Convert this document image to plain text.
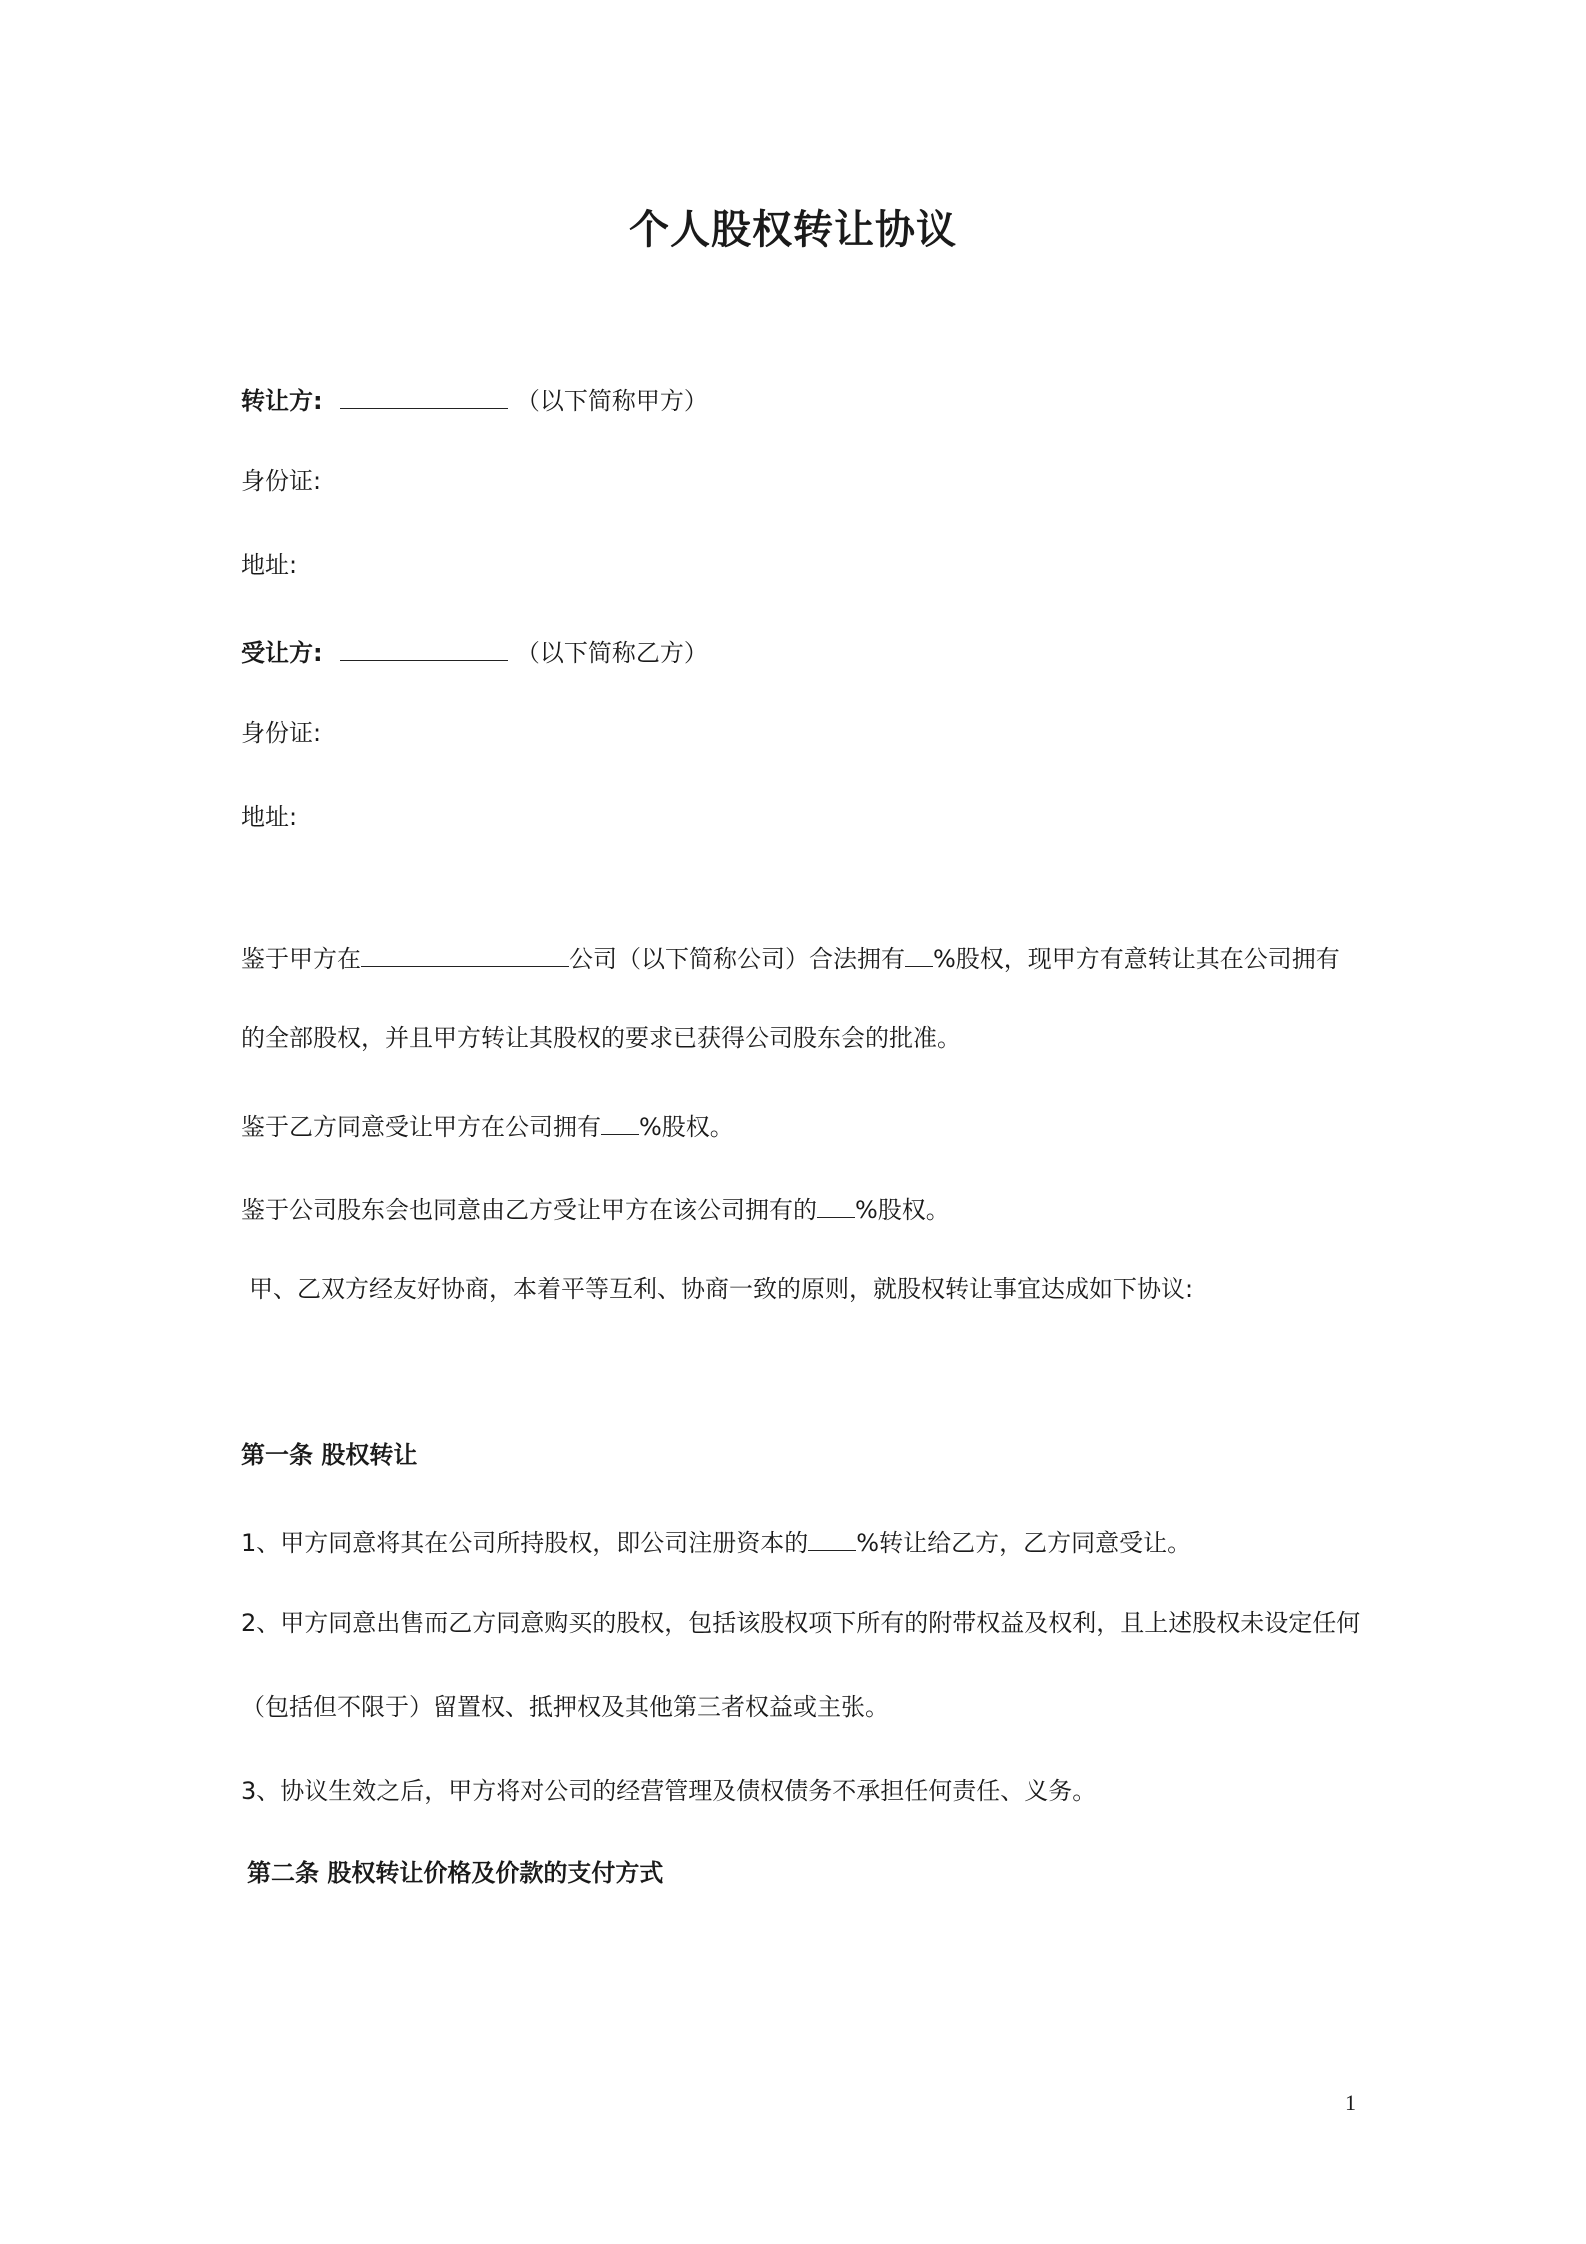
个人股权转让协议
转让方:	（以下简称甲方）
身份证:
地址:
受让方:	（以下简称乙方）
身份证:
地址:
鉴于甲方在	公司（以下简称公司）合法拥有 %股权，现甲方有意转让其在公司拥有
的全部股权，并且甲方转让其股权的要求已获得公司股东会的批准。
鉴于乙方同意受让甲方在公司拥有 %股权。
鉴于公司股东会也同意由乙方受让甲方在该公司拥有的 %股权。
甲、乙双方经友好协商，本着平等互利、协商一致的原则，就股权转让事宜达成如下协议:
第一条 股权转让
1、甲方同意将其在公司所持股权，即公司注册资本的 %转让给乙方，乙方同意受让。
2、甲方同意出售而乙方同意购买的股权，包括该股权项下所有的附带权益及权利，且上述股权未设定任何
（包括但不限于）留置权、抵押权及其他第三者权益或主张。
3、协议生效之后，甲方将对公司的经营管理及债权债务不承担任何责任、义务。
第二条 股权转让价格及价款的支付方式
1
